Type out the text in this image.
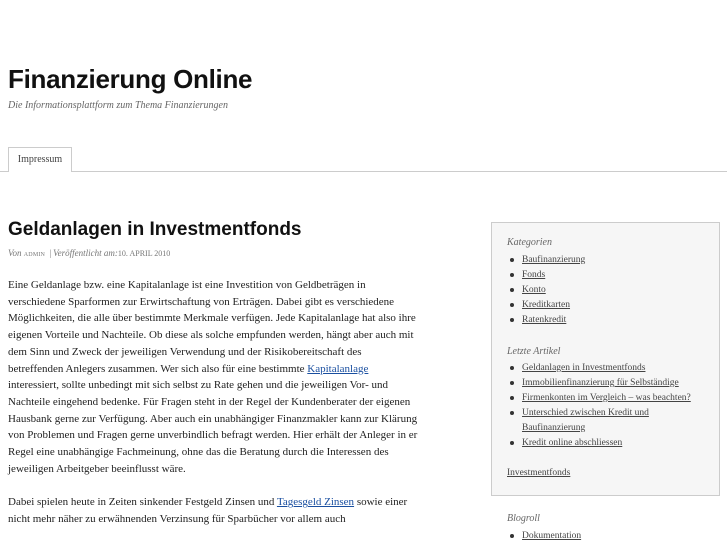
Finanzierung Online
Die Informationsplattform zum Thema Finanzierungen
Impressum
Geldanlagen in Investmentfonds
Von admin | Veröffentlicht am:10. APRIL 2010

Eine Geldanlage bzw. eine Kapitalanlage ist eine Investition von Geldbeträgen in verschiedene Sparformen zur Erwirtschaftung von Erträgen. Dabei gibt es verschiedene Möglichkeiten, die alle über bestimmte Merkmale verfügen. Jede Kapitalanlage hat also ihre eigenen Vorteile und Nachteile. Ob diese als solche empfunden werden, hängt aber auch mit dem Sinn und Zweck der jeweiligen Verwendung und der Risikobereitschaft des betreffenden Anlegers zusammen. Wer sich also für eine bestimmte Kapitalanlage interessiert, sollte unbedingt mit sich selbst zu Rate gehen und die jeweiligen Vor- und Nachteile eingehend bedenke. Für Fragen steht in der Regel der Kundenberater der eigenen Hausbank gerne zur Verfügung. Aber auch ein unabhängiger Finanzmakler kann zur Klärung von Problemen und Fragen gerne unverbindlich befragt werden. Hier erhält der Anleger in er Regel eine unabhängige Fachmeinung, ohne das die Beratung durch die Interessen des jeweiligen Arbeitgeber beeinflusst wäre.

Dabei spielen heute in Zeiten sinkender Festgeld Zinsen und Tagesgeld Zinsen sowie einer nicht mehr näher zu erwähnenden Verzinsung für Sparbücher vor allem auch

Kategorien
Baufinanzierung
Fonds
Konto
Kreditkarten
Ratenkredit
Letzte Artikel
Geldanlagen in Investmentfonds
Immobilienfinanzierung für Selbständige
Firmenkonten im Vergleich – was beachten?
Unterschied zwischen Kredit und Baufinanzierung
Kredit online abschliessen
Investmentfonds
Blogroll
Dokumentation
